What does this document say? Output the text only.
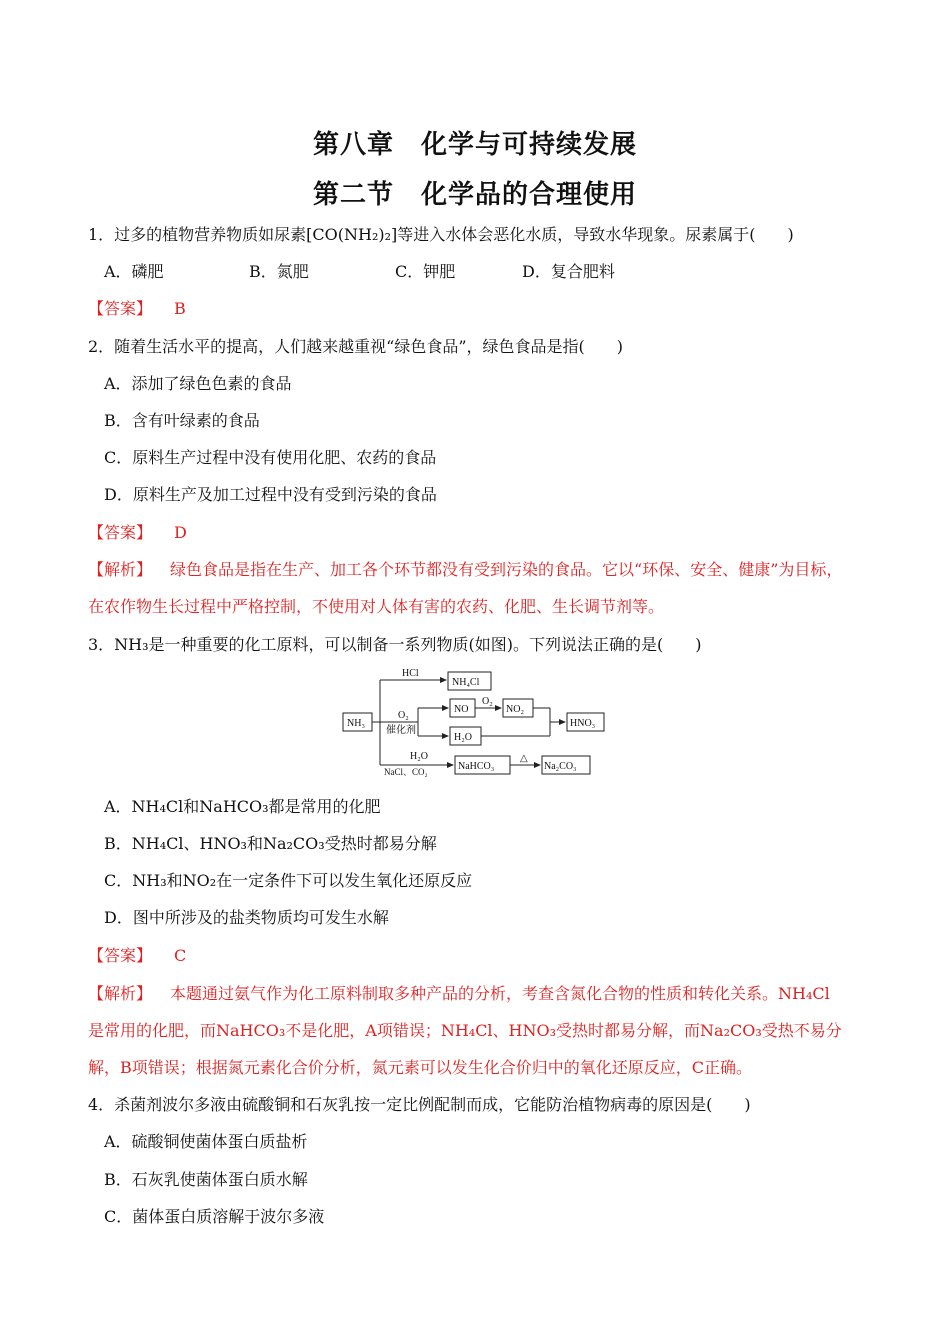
第八章　化学与可持续发展
第二节　化学品的合理使用
1．过多的植物营养物质如尿素[CO(NH₂)₂]等进入水体会恶化水质，导致水华现象。尿素属于(　　)
A．磷肥	B．氮肥	C．钾肥	D．复合肥料
【答案】 B
2．随着生活水平的提高，人们越来越重视“绿色食品”，绿色食品是指(　　)
A．添加了绿色色素的食品
B．含有叶绿素的食品
C．原料生产过程中没有使用化肥、农药的食品
D．原料生产及加工过程中没有受到污染的食品
【答案】 D
【解析】 绿色食品是指在生产、加工各个环节都没有受到污染的食品。它以“环保、安全、健康”为目标，
在农作物生长过程中严格控制，不使用对人体有害的农药、化肥、生长调节剂等。
3．NH₃是一种重要的化工原料，可以制备一系列物质(如图)。下列说法正确的是(　　)
NH₃
HCl
NH₄Cl
O₂
催化剂
NO
O₂
NO₂
H₂O
HNO₃
H₂O
NaCl、CO₂	NaHCO₃
△
Na₂CO₃
A．NH₄Cl和NaHCO₃都是常用的化肥
B．NH₄Cl、HNO₃和Na₂CO₃受热时都易分解
C．NH₃和NO₂在一定条件下可以发生氧化还原反应
D．图中所涉及的盐类物质均可发生水解
【答案】 C
【解析】 本题通过氨气作为化工原料制取多种产品的分析，考查含氮化合物的性质和转化关系。NH₄Cl
是常用的化肥，而NaHCO₃不是化肥，A项错误；NH₄Cl、HNO₃受热时都易分解，而Na₂CO₃受热不易分
解，B项错误；根据氮元素化合价分析，氮元素可以发生化合价归中的氧化还原反应，C正确。
4．杀菌剂波尔多液由硫酸铜和石灰乳按一定比例配制而成，它能防治植物病毒的原因是(　　)
A．硫酸铜使菌体蛋白质盐析
B．石灰乳使菌体蛋白质水解
C．菌体蛋白质溶解于波尔多液
